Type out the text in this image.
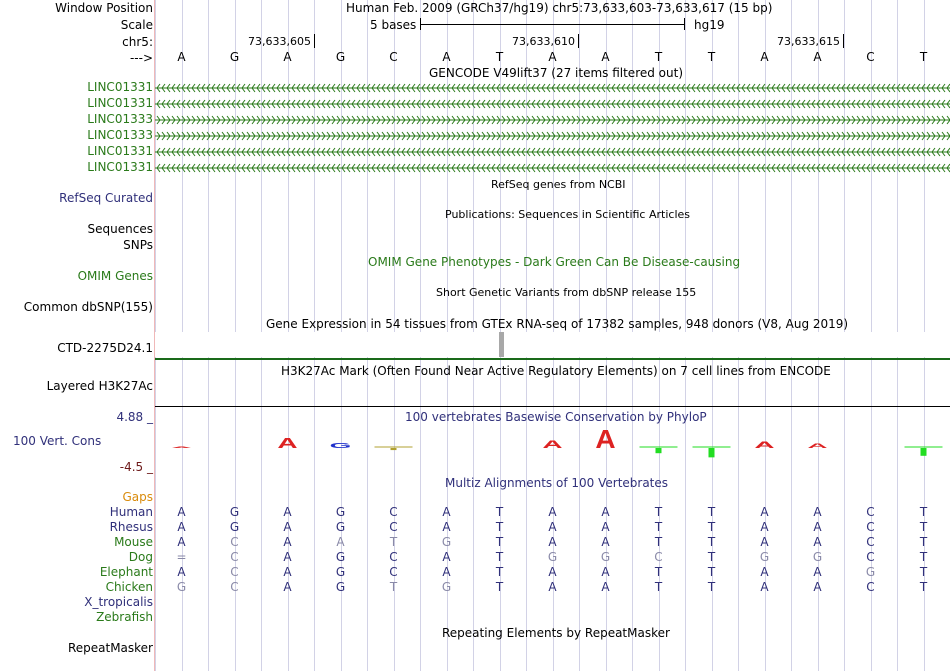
Window Position	Human Feb. 2009 (GRCh37/hg19) chr5:73,633,603-73,633,617 (15 bp)
Scale	5 bases	hg19
chr5:	73,633,605	73,633,610	73,633,615
--->	A	G	A	G	C	A	T	A	A	T	T	A	A	C	T
GENCODE V49lift37 (27 items filtered out)
RefSeq genes from NCBI
RefSeq Curated
Publications: Sequences in Scientific Articles
Sequences
SNPs
OMIM Gene Phenotypes - Dark Green Can Be Disease-causing
OMIM Genes
Short Genetic Variants from dbSNP release 155
Common dbSNP(155)
Gene Expression in 54 tissues from GTEx RNA-seq of 17382 samples, 948 donors (V8, Aug 2019)
CTD-2275D24.1
H3K27Ac Mark (Often Found Near Active Regulatory Elements) on 7 cell lines from ENCODE
Layered H3K27Ac
100 vertebrates Basewise Conservation by PhyloP
4.88 _
100 Vert. Cons
-4.5 _
A	A G	A A	A A
Multiz Alignments of 100 Vertebrates
Gaps
Human	A	G	A	G	C	A	T	A	A	T	T	A	A	C	T
Rhesus	A	G	A	G	C	A	T	A	A	T	T	A	A	C	T
Mouse	A	C	A	A	T	G	T	A	A	T	T	A	A	C	T
Dog	=	C	A	G	C	A	T	G	G	C	T	G	G	C	T
Elephant	A	C	A	G	C	A	T	A	A	T	T	A	A	G	T
Chicken	G	C	A	G	T	G	T	A	A	T	T	A	A	C	T
X_tropicalis
Zebrafish
Repeating Elements by RepeatMasker
RepeatMasker
LINC01331
LINC01331
LINC01333
LINC01333
LINC01331
LINC01331
